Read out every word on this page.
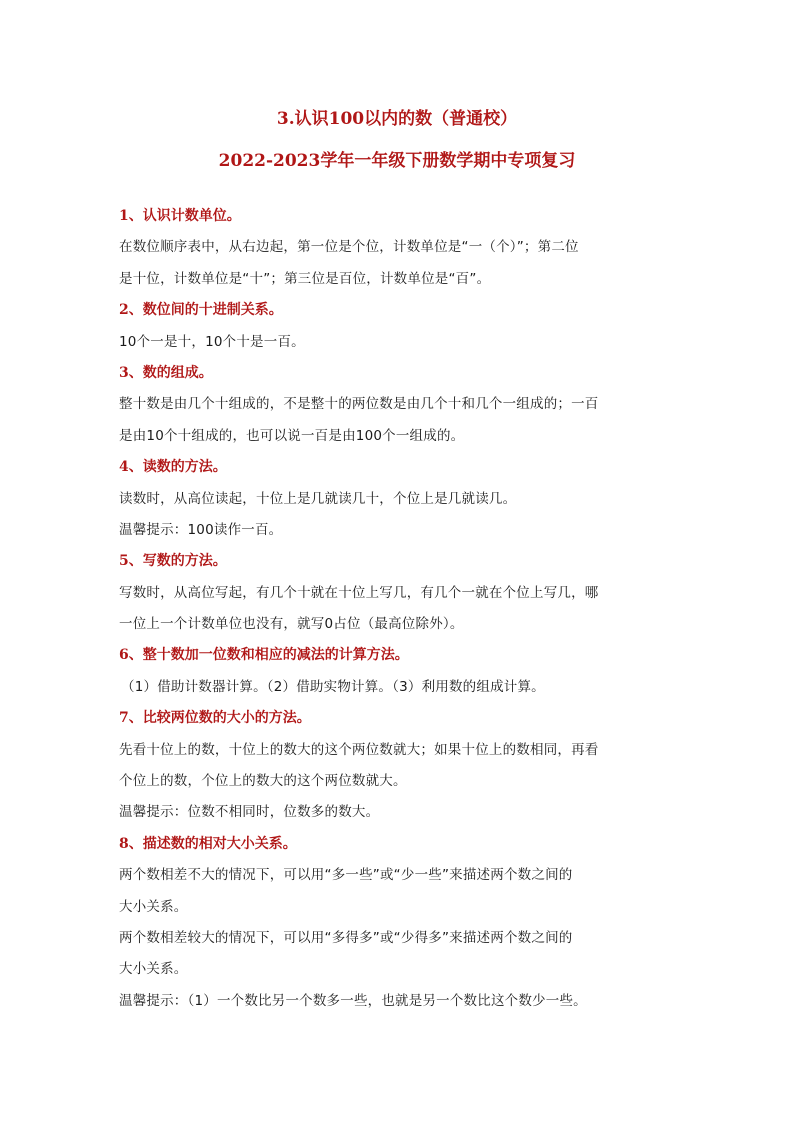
3.认识100以内的数（普通校）
2022-2023学年一年级下册数学期中专项复习
1、认识计数单位。
在数位顺序表中，从右边起，第一位是个位，计数单位是“一（个）”；第二位
是十位，计数单位是“十”；第三位是百位，计数单位是“百”。
2、数位间的十进制关系。
10个一是十，10个十是一百。
3、数的组成。
整十数是由几个十组成的，不是整十的两位数是由几个十和几个一组成的；一百
是由10个十组成的，也可以说一百是由100个一组成的。
4、读数的方法。
读数时，从高位读起，十位上是几就读几十，个位上是几就读几。
温馨提示：100读作一百。
5、写数的方法。
写数时，从高位写起，有几个十就在十位上写几，有几个一就在个位上写几，哪
一位上一个计数单位也没有，就写0占位（最高位除外）。
6、整十数加一位数和相应的减法的计算方法。
（1）借助计数器计算。（2）借助实物计算。（3）利用数的组成计算。
7、比较两位数的大小的方法。
先看十位上的数，十位上的数大的这个两位数就大；如果十位上的数相同，再看
个位上的数，个位上的数大的这个两位数就大。
温馨提示：位数不相同时，位数多的数大。
8、描述数的相对大小关系。
两个数相差不大的情况下，可以用“多一些”或“少一些”来描述两个数之间的
大小关系。
两个数相差较大的情况下，可以用“多得多”或“少得多”来描述两个数之间的
大小关系。
温馨提示：（1）一个数比另一个数多一些，也就是另一个数比这个数少一些。
